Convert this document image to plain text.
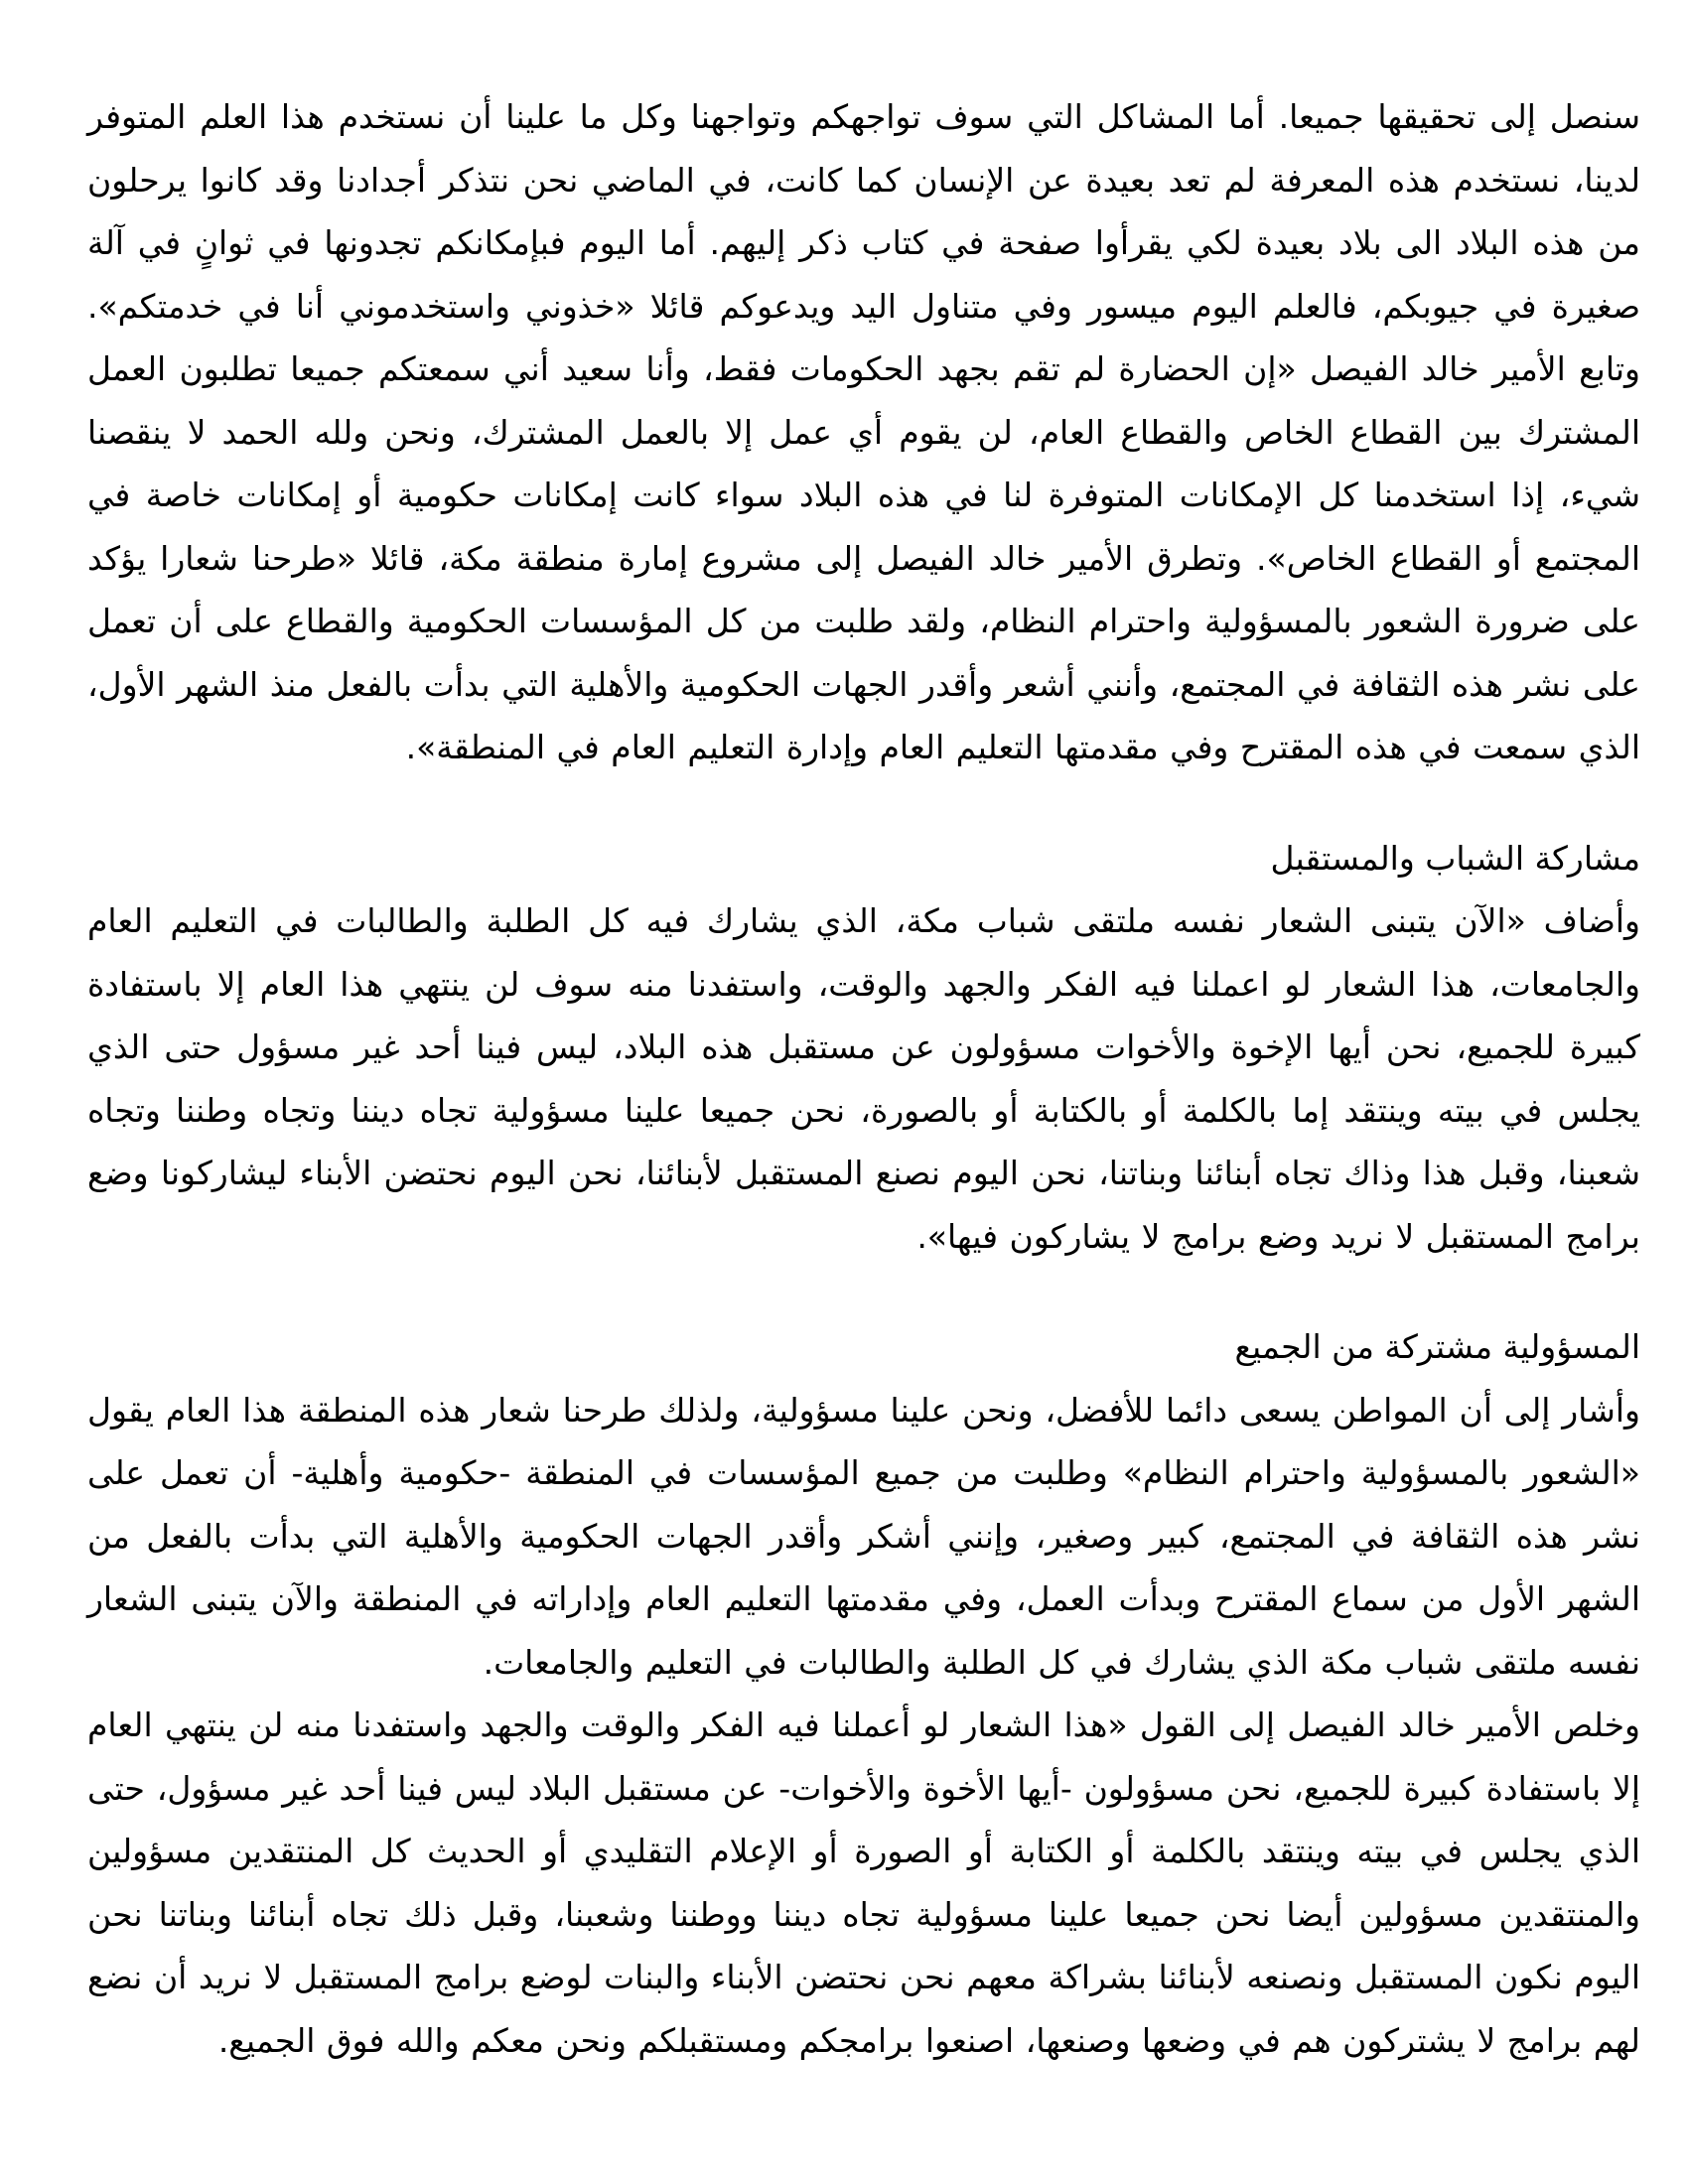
سنصل إلى تحقيقها جميعا. أما المشاكل التي سوف تواجهكم وتواجهنا وكل ما علينا أن نستخدم هذا العلم المتوفر لدينا، نستخدم هذه المعرفة لم تعد بعيدة عن الإنسان كما كانت، في الماضي نحن نتذكر أجدادنا وقد كانوا يرحلون من هذه البلاد الى بلاد بعيدة لكي يقرأوا صفحة في كتاب ذكر إليهم. أما اليوم فبإمكانكم تجدونها في ثوانٍ في آلة صغيرة في جيوبكم، فالعلم اليوم ميسور وفي متناول اليد ويدعوكم قائلا «خذوني واستخدموني أنا في خدمتكم». وتابع الأمير خالد الفيصل «إن الحضارة لم تقم بجهد الحكومات فقط، وأنا سعيد أني سمعتكم جميعا تطلبون العمل المشترك بين القطاع الخاص والقطاع العام، لن يقوم أي عمل إلا بالعمل المشترك، ونحن ولله الحمد لا ينقصنا شيء، إذا استخدمنا كل الإمكانات المتوفرة لنا في هذه البلاد سواء كانت إمكانات حكومية أو إمكانات خاصة في المجتمع أو القطاع الخاص». وتطرق الأمير خالد الفيصل إلى مشروع إمارة منطقة مكة، قائلا «طرحنا شعارا يؤكد على ضرورة الشعور بالمسؤولية واحترام النظام، ولقد طلبت من كل المؤسسات الحكومية والقطاع على أن تعمل على نشر هذه الثقافة في المجتمع، وأنني أشعر وأقدر الجهات الحكومية والأهلية التي بدأت بالفعل منذ الشهر الأول، الذي سمعت في هذه المقترح وفي مقدمتها التعليم العام وإدارة التعليم العام في المنطقة».

مشاركة الشباب والمستقبل

وأضاف «الآن يتبنى الشعار نفسه ملتقى شباب مكة، الذي يشارك فيه كل الطلبة والطالبات في التعليم العام والجامعات، هذا الشعار لو اعملنا فيه الفكر والجهد والوقت، واستفدنا منه سوف لن ينتهي هذا العام إلا باستفادة كبيرة للجميع، نحن أيها الإخوة والأخوات مسؤولون عن مستقبل هذه البلاد، ليس فينا أحد غير مسؤول حتى الذي يجلس في بيته وينتقد إما بالكلمة أو بالكتابة أو بالصورة، نحن جميعا علينا مسؤولية تجاه ديننا وتجاه وطننا وتجاه شعبنا، وقبل هذا وذاك تجاه أبنائنا وبناتنا، نحن اليوم نصنع المستقبل لأبنائنا، نحن اليوم نحتضن الأبناء ليشاركونا وضع برامج المستقبل لا نريد وضع برامج لا يشاركون فيها».

المسؤولية مشتركة من الجميع

وأشار إلى أن المواطن يسعى دائما للأفضل، ونحن علينا مسؤولية، ولذلك طرحنا شعار هذه المنطقة هذا العام يقول «الشعور بالمسؤولية واحترام النظام» وطلبت من جميع المؤسسات في المنطقة -حكومية وأهلية- أن تعمل على نشر هذه الثقافة في المجتمع، كبير وصغير، وإنني أشكر وأقدر الجهات الحكومية والأهلية التي بدأت بالفعل من الشهر الأول من سماع المقترح وبدأت العمل، وفي مقدمتها التعليم العام وإداراته في المنطقة والآن يتبنى الشعار نفسه ملتقى شباب مكة الذي يشارك في كل الطلبة والطالبات في التعليم والجامعات.

وخلص الأمير خالد الفيصل إلى القول «هذا الشعار لو أعملنا فيه الفكر والوقت والجهد واستفدنا منه لن ينتهي العام إلا باستفادة كبيرة للجميع، نحن مسؤولون -أيها الأخوة والأخوات- عن مستقبل البلاد ليس فينا أحد غير مسؤول، حتى الذي يجلس في بيته وينتقد بالكلمة أو الكتابة أو الصورة أو الإعلام التقليدي أو الحديث كل المنتقدين مسؤولين والمنتقدين مسؤولين أيضا نحن جميعا علينا مسؤولية تجاه ديننا ووطننا وشعبنا، وقبل ذلك تجاه أبنائنا وبناتنا نحن اليوم نكون المستقبل ونصنعه لأبنائنا بشراكة معهم نحن نحتضن الأبناء والبنات لوضع برامج المستقبل لا نريد أن نضع لهم برامج لا يشتركون هم في وضعها وصنعها، اصنعوا برامجكم ومستقبلكم ونحن معكم والله فوق الجميع.
